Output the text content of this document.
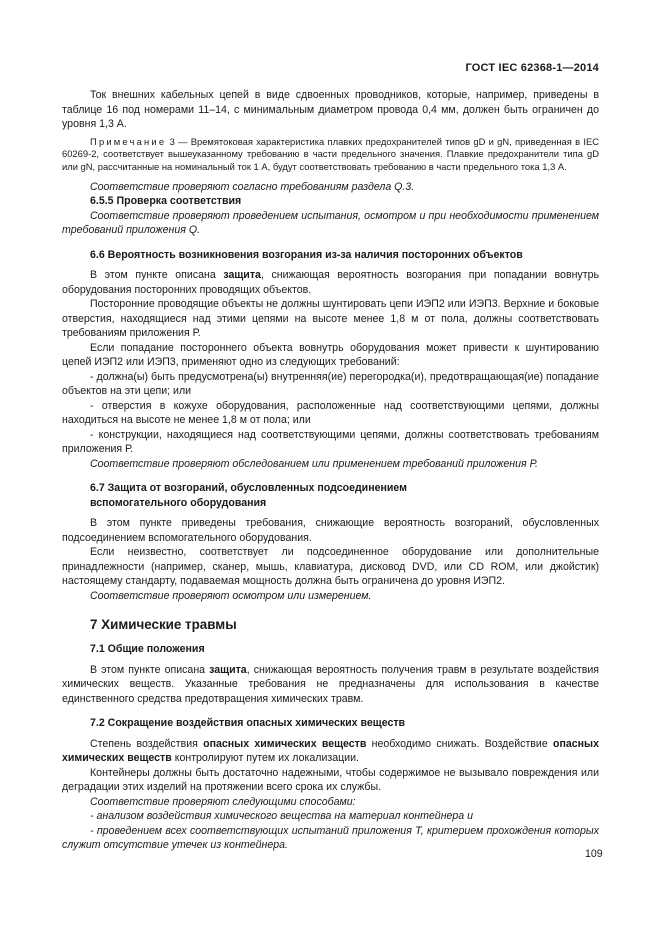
ГОСТ IEC 62368-1—2014

Ток внешних кабельных цепей в виде сдвоенных проводников, которые, например, приведены в таблице 16 под номерами 11–14, с минимальным диаметром провода 0,4 мм, должен быть ограничен до уровня 1,3 А.

Примечание 3 — Времятоковая характеристика плавких предохранителей типов gD и gN, приведенная в IEC 60269-2, соответствует вышеуказанному требованию в части предельного значения. Плавкие предохранители типа gD или gN, рассчитанные на номинальный ток 1 A, будут соответствовать требованию в части предельного тока 1,3 А.

Соответствие проверяют согласно требованиям раздела Q.3.

6.5.5 Проверка соответствия

Соответствие проверяют проведением испытания, осмотром и при необходимости применением требований приложения Q.

6.6 Вероятность возникновения возгорания из-за наличия посторонних объектов

В этом пункте описана защита, снижающая вероятность возгорания при попадании вовнутрь оборудования посторонних проводящих объектов.

Посторонние проводящие объекты не должны шунтировать цепи ИЭП2 или ИЭП3. Верхние и боковые отверстия, находящиеся над этими цепями на высоте менее 1,8 м от пола, должны соответствовать требованиям приложения Р.

Если попадание постороннего объекта вовнутрь оборудования может привести к шунтированию цепей ИЭП2 или ИЭП3, применяют одно из следующих требований:

- должна(ы) быть предусмотрена(ы) внутренняя(ие) перегородка(и), предотвращающая(ие) попадание объектов на эти цепи; или

- отверстия в кожухе оборудования, расположенные над соответствующими цепями, должны находиться на высоте не менее 1,8 м от пола; или

- конструкции, находящиеся над соответствующими цепями, должны соответствовать требованиям приложения Р.

Соответствие проверяют обследованием или применением требований приложения Р.

6.7 Защита от возгораний, обусловленных подсоединением
вспомогательного оборудования

В этом пункте приведены требования, снижающие вероятность возгораний, обусловленных подсоединением вспомогательного оборудования.

Если неизвестно, соответствует ли подсоединенное оборудование или дополнительные принадлежности (например, сканер, мышь, клавиатура, дисковод DVD, или CD ROM, или джойстик) настоящему стандарту, подаваемая мощность должна быть ограничена до уровня ИЭП2.

Соответствие проверяют осмотром или измерением.

7 Химические травмы
7.1 Общие положения

В этом пункте описана защита, снижающая вероятность получения травм в результате воздействия химических веществ. Указанные требования не предназначены для использования в качестве единственного средства предотвращения химических травм.

7.2 Сокращение воздействия опасных химических веществ

Степень воздействия опасных химических веществ необходимо снижать. Воздействие опасных химических веществ контролируют путем их локализации.

Контейнеры должны быть достаточно надежными, чтобы содержимое не вызывало повреждения или деградации этих изделий на протяжении всего срока их службы.

Соответствие проверяют следующими способами:

- анализом воздействия химического вещества на материал контейнера и

- проведением всех соответствующих испытаний приложения Т, критерием прохождения которых служит отсутствие утечек из контейнера.

109
